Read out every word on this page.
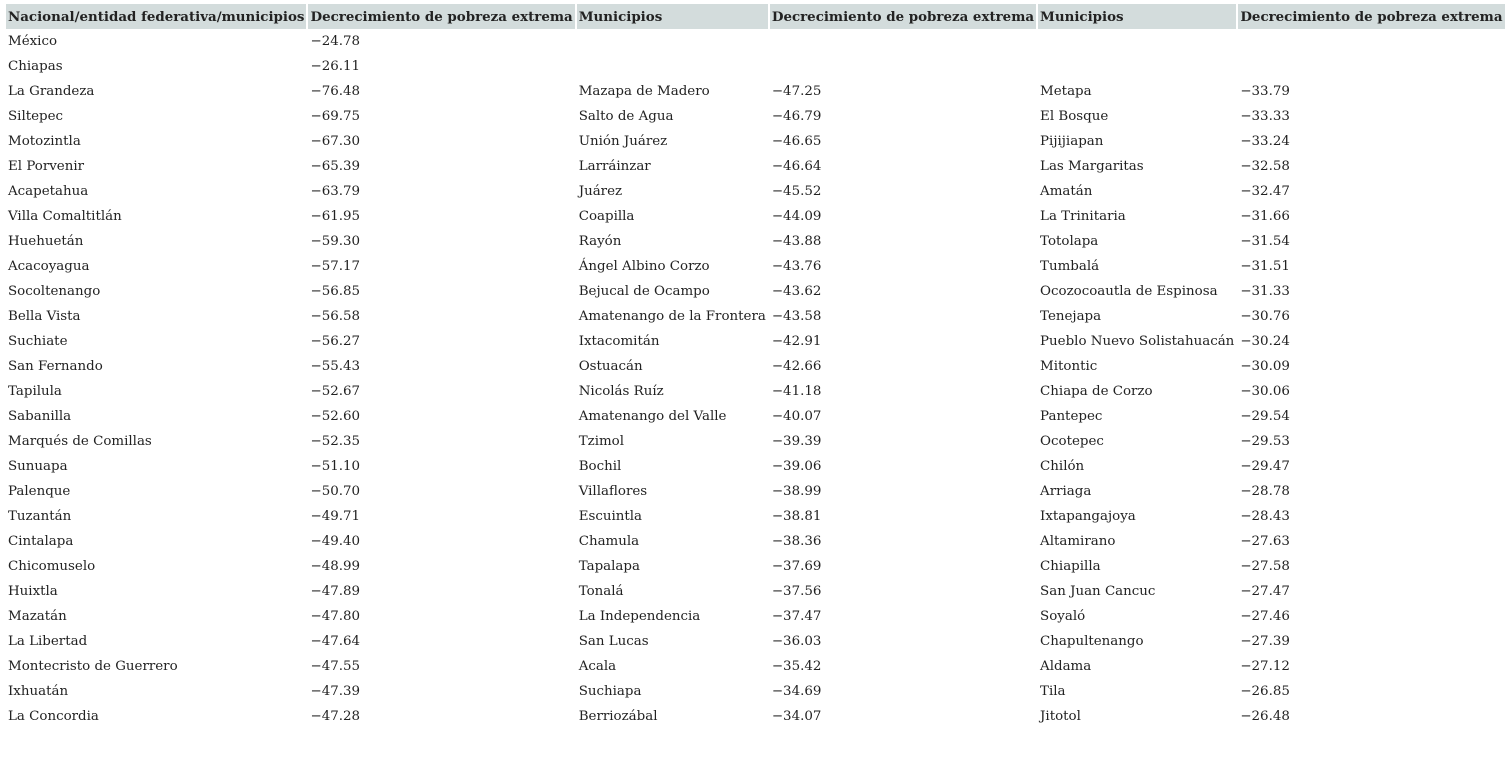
Nacional/entidad federativa/municipios	Decrecimiento de pobreza extrema	Municipios	Decrecimiento de pobreza extrema	Municipios	Decrecimiento de pobreza extrema
México	−24.78				
Chiapas	−26.11				
La Grandeza	−76.48	Mazapa de Madero	−47.25	Metapa	−33.79
Siltepec	−69.75	Salto de Agua	−46.79	El Bosque	−33.33
Motozintla	−67.30	Unión Juárez	−46.65	Pijijiapan	−33.24
El Porvenir	−65.39	Larráinzar	−46.64	Las Margaritas	−32.58
Acapetahua	−63.79	Juárez	−45.52	Amatán	−32.47
Villa Comaltitlán	−61.95	Coapilla	−44.09	La Trinitaria	−31.66
Huehuetán	−59.30	Rayón	−43.88	Totolapa	−31.54
Acacoyagua	−57.17	Ángel Albino Corzo	−43.76	Tumbalá	−31.51
Socoltenango	−56.85	Bejucal de Ocampo	−43.62	Ocozocoautla de Espinosa	−31.33
Bella Vista	−56.58	Amatenango de la Frontera	−43.58	Tenejapa	−30.76
Suchiate	−56.27	Ixtacomitán	−42.91	Pueblo Nuevo Solistahuacán	−30.24
San Fernando	−55.43	Ostuacán	−42.66	Mitontic	−30.09
Tapilula	−52.67	Nicolás Ruíz	−41.18	Chiapa de Corzo	−30.06
Sabanilla	−52.60	Amatenango del Valle	−40.07	Pantepec	−29.54
Marqués de Comillas	−52.35	Tzimol	−39.39	Ocotepec	−29.53
Sunuapa	−51.10	Bochil	−39.06	Chilón	−29.47
Palenque	−50.70	Villaflores	−38.99	Arriaga	−28.78
Tuzantán	−49.71	Escuintla	−38.81	Ixtapangajoya	−28.43
Cintalapa	−49.40	Chamula	−38.36	Altamirano	−27.63
Chicomuselo	−48.99	Tapalapa	−37.69	Chiapilla	−27.58
Huixtla	−47.89	Tonalá	−37.56	San Juan Cancuc	−27.47
Mazatán	−47.80	La Independencia	−37.47	Soyaló	−27.46
La Libertad	−47.64	San Lucas	−36.03	Chapultenango	−27.39
Montecristo de Guerrero	−47.55	Acala	−35.42	Aldama	−27.12
Ixhuatán	−47.39	Suchiapa	−34.69	Tila	−26.85
La Concordia	−47.28	Berriozábal	−34.07	Jitotol	−26.48
